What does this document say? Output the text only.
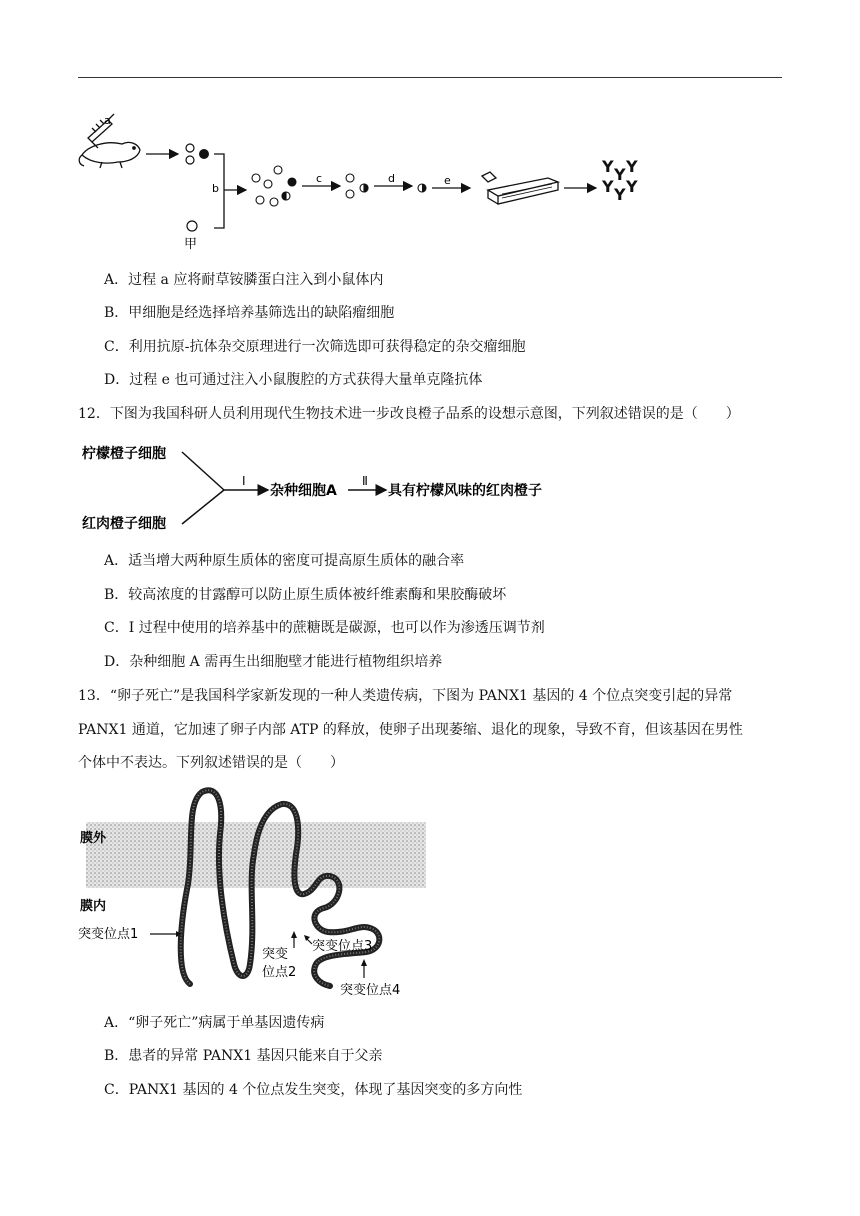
a
b
甲
c	d	e
Y Y Y
Y Y Y
A．过程 a 应将耐草铵膦蛋白注入到小鼠体内
B．甲细胞是经选择培养基筛选出的缺陷瘤细胞
C．利用抗原-抗体杂交原理进行一次筛选即可获得稳定的杂交瘤细胞
D．过程 e 也可通过注入小鼠腹腔的方式获得大量单克隆抗体
12．下图为我国科研人员利用现代生物技术进一步改良橙子品系的设想示意图，下列叙述错误的是（　　）
柠檬橙子细胞
红肉橙子细胞
I
杂种细胞A
Ⅱ
具有柠檬风味的红肉橙子
A．适当增大两种原生质体的密度可提高原生质体的融合率
B．较高浓度的甘露醇可以防止原生质体被纤维素酶和果胶酶破坏
C．I 过程中使用的培养基中的蔗糖既是碳源，也可以作为渗透压调节剂
D．杂种细胞 A 需再生出细胞壁才能进行植物组织培养
13．“卵子死亡”是我国科学家新发现的一种人类遗传病，下图为 PANX1 基因的 4 个位点突变引起的异常
PANX1 通道，它加速了卵子内部 ATP 的释放，使卵子出现萎缩、退化的现象，导致不育，但该基因在男性
个体中不表达。下列叙述错误的是（　　）
膜外
膜内
突变位点1
突变
位点2
突变位点3
突变位点4
A．“卵子死亡”病属于单基因遗传病
B．患者的异常 PANX1 基因只能来自于父亲
C．PANX1 基因的 4 个位点发生突变，体现了基因突变的多方向性
